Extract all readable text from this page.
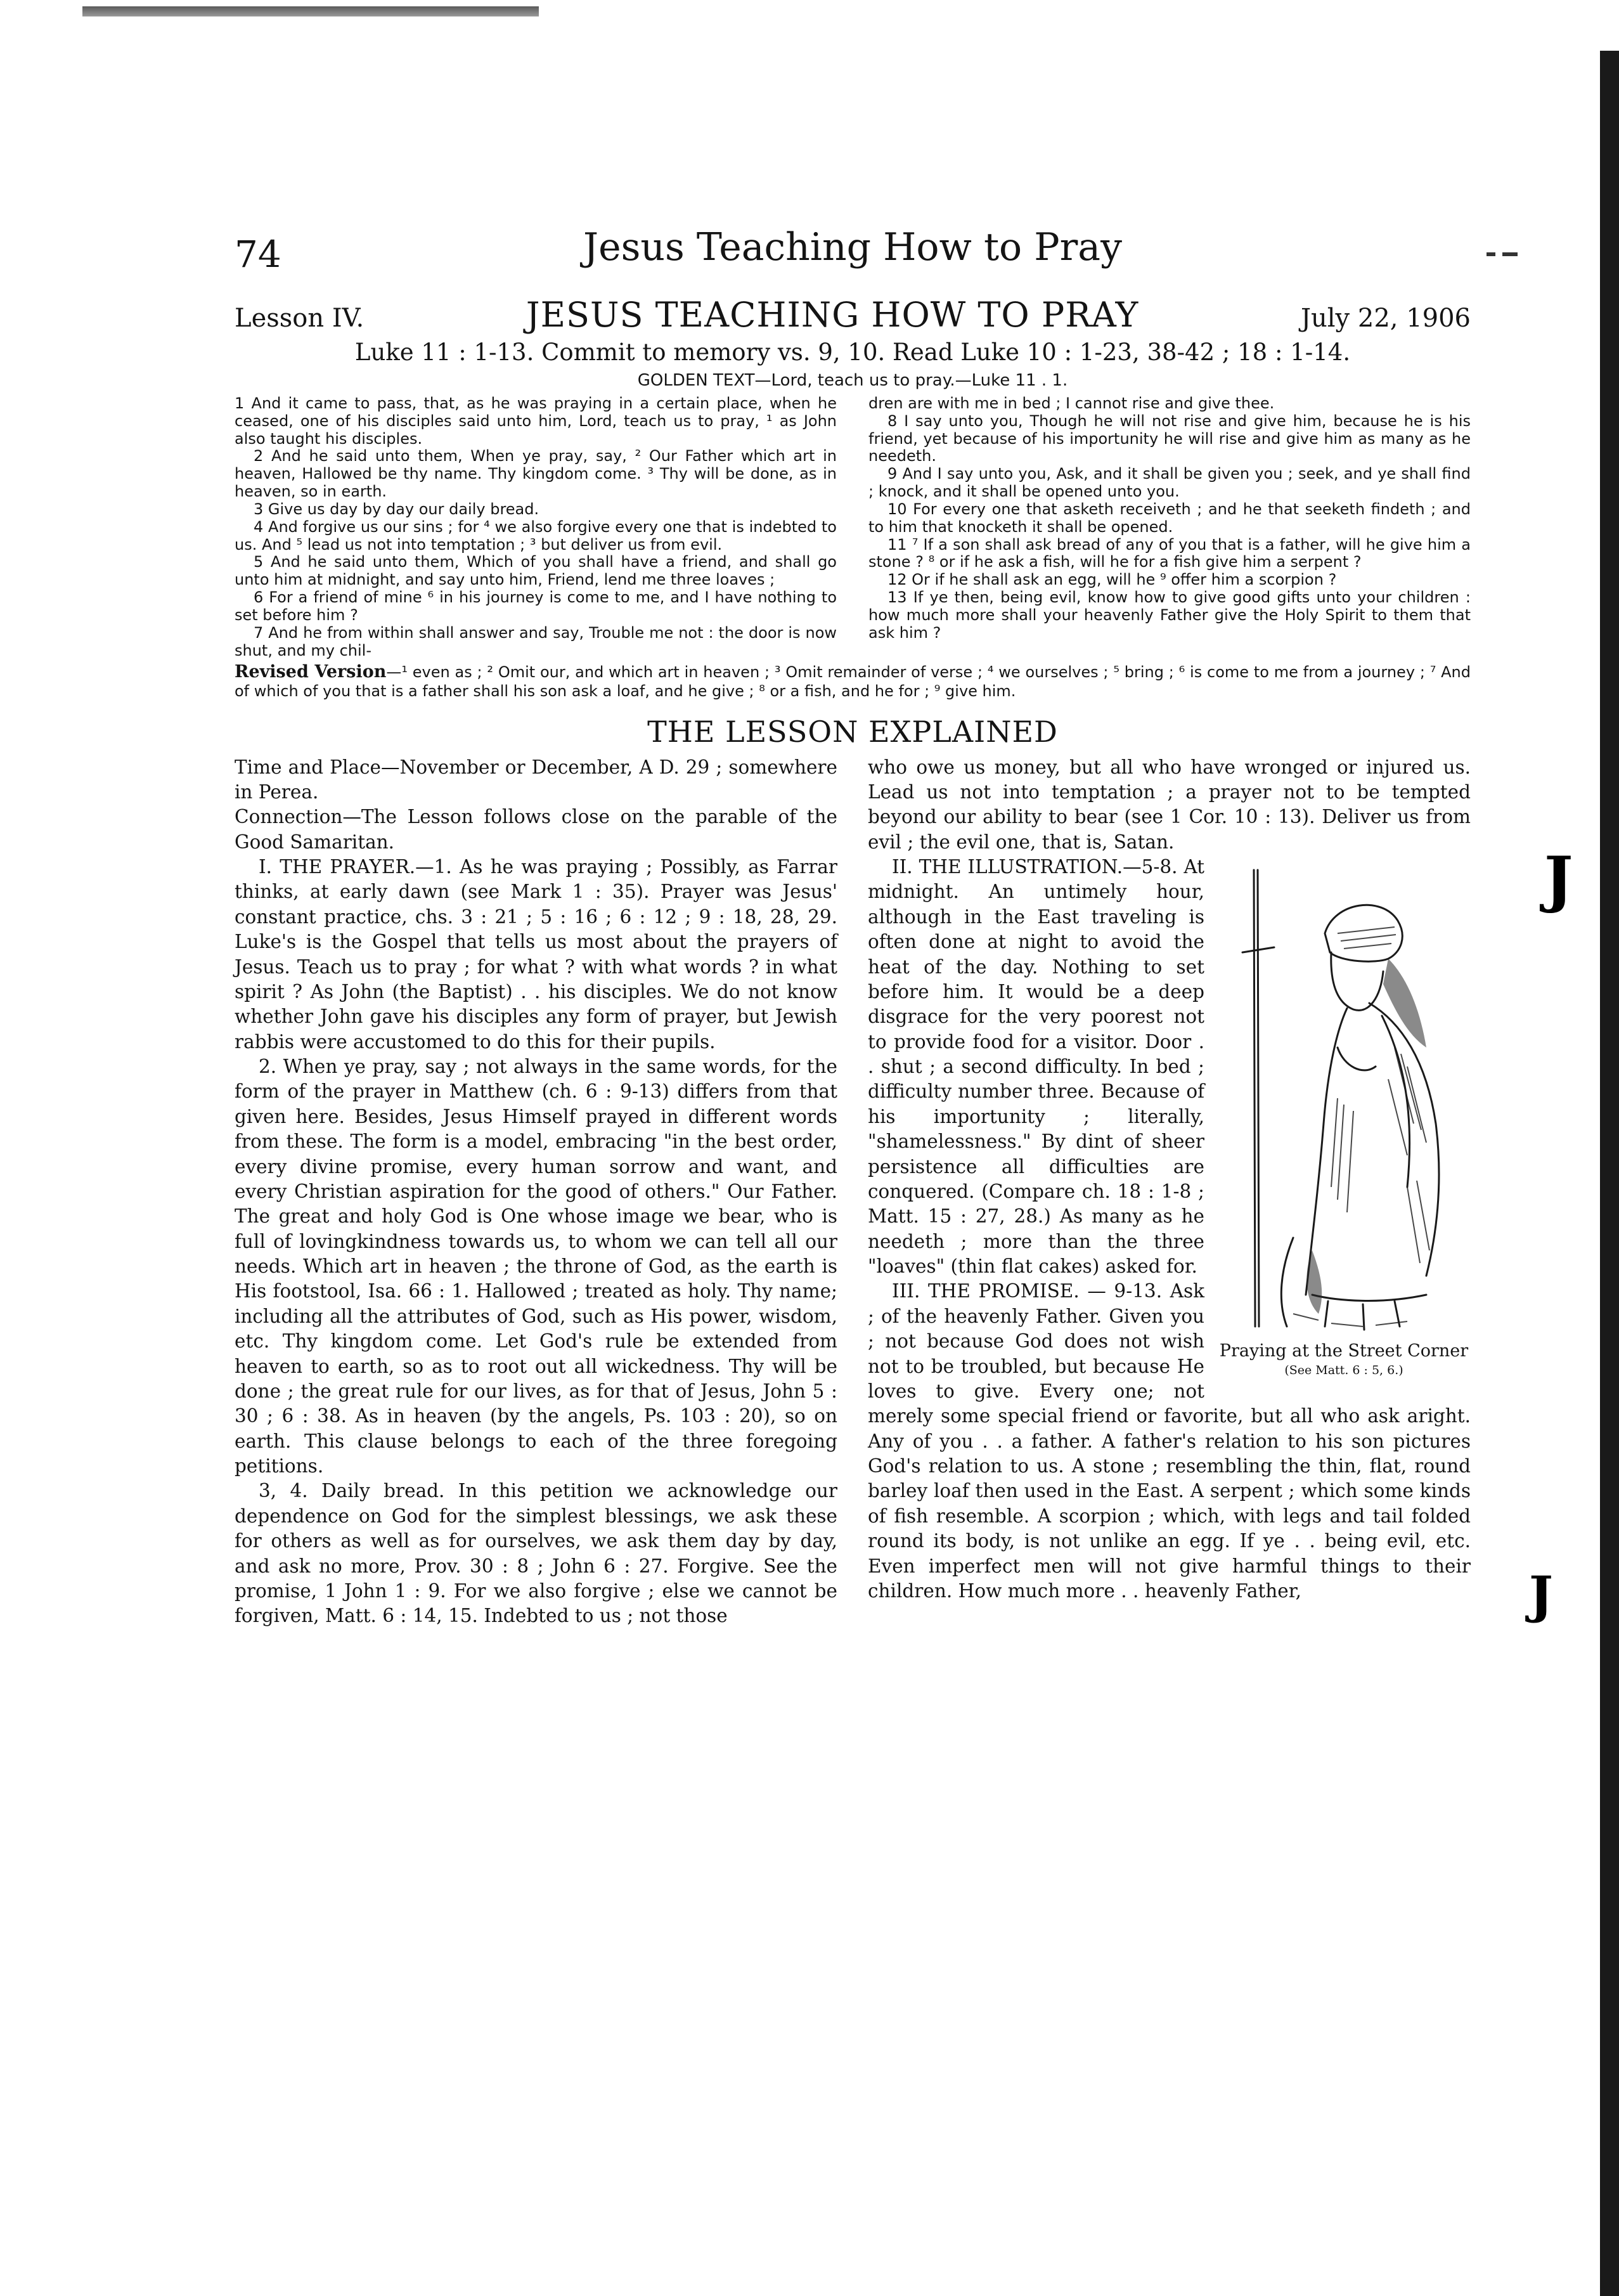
J
J
74	Jesus Teaching How to Pray
Lesson IV.	JESUS TEACHING HOW TO PRAY	July 22, 1906
Luke 11 : 1-13. Commit to memory vs. 9, 10. Read Luke 10 : 1-23, 38-42 ; 18 : 1-14.
GOLDEN TEXT—Lord, teach us to pray.—Luke 11 . 1.

1 And it came to pass, that, as he was praying in a certain place, when he ceased, one of his disciples said unto him, Lord, teach us to pray, ¹ as John also taught his disciples.

2 And he said unto them, When ye pray, say, ² Our Father which art in heaven, Hallowed be thy name. Thy kingdom come. ³ Thy will be done, as in heaven, so in earth.

3 Give us day by day our daily bread.

4 And forgive us our sins ; for ⁴ we also forgive every one that is indebted to us. And ⁵ lead us not into temptation ; ³ but deliver us from evil.

5 And he said unto them, Which of you shall have a friend, and shall go unto him at midnight, and say unto him, Friend, lend me three loaves ;

6 For a friend of mine ⁶ in his journey is come to me, and I have nothing to set before him ?

7 And he from within shall answer and say, Trouble me not : the door is now shut, and my chil-

dren are with me in bed ; I cannot rise and give thee.

8 I say unto you, Though he will not rise and give him, because he is his friend, yet because of his importunity he will rise and give him as many as he needeth.

9 And I say unto you, Ask, and it shall be given you ; seek, and ye shall find ; knock, and it shall be opened unto you.

10 For every one that asketh receiveth ; and he that seeketh findeth ; and to him that knocketh it shall be opened.

11 ⁷ If a son shall ask bread of any of you that is a father, will he give him a stone ? ⁸ or if he ask a fish, will he for a fish give him a serpent ?

12 Or if he shall ask an egg, will he ⁹ offer him a scorpion ?

13 If ye then, being evil, know how to give good gifts unto your children : how much more shall your heavenly Father give the Holy Spirit to them that ask him ?

Revised Version—¹ even as ; ² Omit our, and which art in heaven ; ³ Omit remainder of verse ; ⁴ we ourselves ; ⁵ bring ; ⁶ is come to me from a journey ; ⁷ And of which of you that is a father shall his son ask a loaf, and he give ; ⁸ or a fish, and he for ; ⁹ give him.

THE LESSON EXPLAINED

Time and Place—November or December, A D. 29 ; somewhere in Perea.

Connection—The Lesson follows close on the parable of the Good Samaritan.

I. THE PRAYER.—1. As he was praying ; Possibly, as Farrar thinks, at early dawn (see Mark 1 : 35). Prayer was Jesus' constant practice, chs. 3 : 21 ; 5 : 16 ; 6 : 12 ; 9 : 18, 28, 29. Luke's is the Gospel that tells us most about the prayers of Jesus. Teach us to pray ; for what ? with what words ? in what spirit ? As John (the Baptist) . . his disciples. We do not know whether John gave his disciples any form of prayer, but Jewish rabbis were accustomed to do this for their pupils.

2. When ye pray, say ; not always in the same words, for the form of the prayer in Matthew (ch. 6 : 9-13) differs from that given here. Besides, Jesus Himself prayed in different words from these. The form is a model, embracing "in the best order, every divine promise, every human sorrow and want, and every Christian aspiration for the good of others." Our Father. The great and holy God is One whose image we bear, who is full of lovingkindness towards us, to whom we can tell all our needs. Which art in heaven ; the throne of God, as the earth is His footstool, Isa. 66 : 1. Hallowed ; treated as holy. Thy name; including all the attributes of God, such as His power, wisdom, etc. Thy kingdom come. Let God's rule be extended from heaven to earth, so as to root out all wickedness. Thy will be done ; the great rule for our lives, as for that of Jesus, John 5 : 30 ; 6 : 38. As in heaven (by the angels, Ps. 103 : 20), so on earth. This clause belongs to each of the three foregoing petitions.

3, 4. Daily bread. In this petition we acknowledge our dependence on God for the simplest blessings, we ask these for others as well as for ourselves, we ask them day by day, and ask no more, Prov. 30 : 8 ; John 6 : 27. Forgive. See the promise, 1 John 1 : 9. For we also forgive ; else we cannot be forgiven, Matt. 6 : 14, 15. Indebted to us ; not those

who owe us money, but all who have wronged or injured us. Lead us not into temptation ; a prayer not to be tempted beyond our ability to bear (see 1 Cor. 10 : 13). Deliver us from evil ; the evil one, that is, Satan.

Praying at the Street Corner
(See Matt. 6 : 5, 6.)

II. THE ILLUSTRATION.—5-8. At midnight. An untimely hour, although in the East traveling is often done at night to avoid the heat of the day. Nothing to set before him. It would be a deep disgrace for the very poorest not to provide food for a visitor. Door . . shut ; a second difficulty. In bed ; difficulty number three. Because of his importunity ; literally, "shamelessness." By dint of sheer persistence all difficulties are conquered. (Compare ch. 18 : 1-8 ; Matt. 15 : 27, 28.) As many as he needeth ; more than the three "loaves" (thin flat cakes) asked for.

III. THE PROMISE. — 9-13. Ask ; of the heavenly Father. Given you ; not because God does not wish not to be troubled, but because He loves to give. Every one; not merely some special friend or favorite, but all who ask aright. Any of you . . a father. A father's relation to his son pictures God's relation to us. A stone ; resembling the thin, flat, round barley loaf then used in the East. A serpent ; which some kinds of fish resemble. A scorpion ; which, with legs and tail folded round its body, is not unlike an egg. If ye . . being evil, etc. Even imperfect men will not give harmful things to their children. How much more . . heavenly Father,
